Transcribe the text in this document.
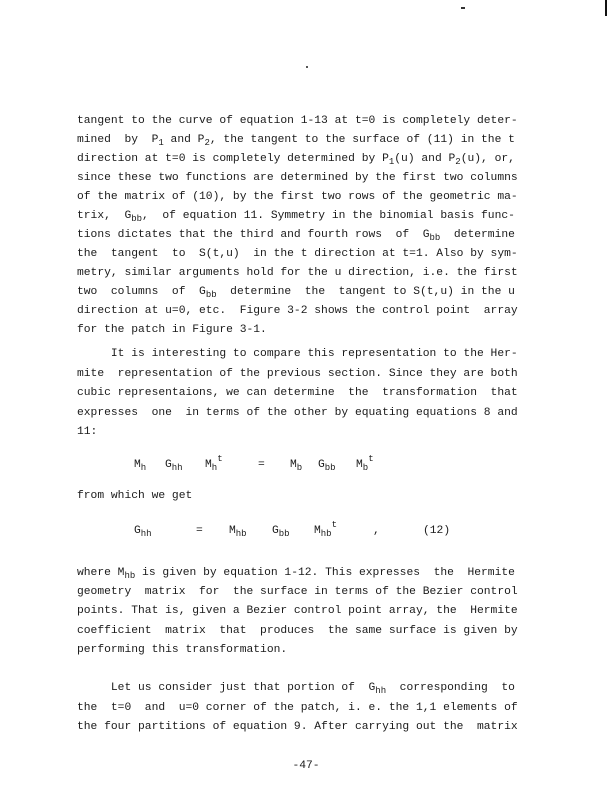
tangent to the curve of equation 1-13 at t=0 is completely deter-
mined  by  $P_1$ and $P_2$, the tangent to the surface of (11) in the t
direction at t=0 is completely determined by $P_1(u)$ and $P_2(u)$, or,
since these two functions are determined by the first two columns
of the matrix of (10), by the first two rows of the geometric ma-
trix,  $G_{bb}$,  of equation 11. Symmetry in the binomial basis func-
tions dictates that the third and fourth rows  of  $G_{bb}$  determine
the  tangent  to  S(t,u)  in the t direction at t=1. Also by sym-
metry, similar arguments hold for the u direction, i.e. the first
two  columns  of  $G_{bb}$  determine  the  tangent to S(t,u) in the u
direction at u=0, etc.  Figure 3-2 shows the control point  array
for the patch in Figure 3-1.
It is interesting to compare this representation to the Her-
mite  representation of the previous section. Since they are both
cubic representaions, we can determine  the  transformation  that
expresses  one  in terms of the other by equating equations 8 and
11:
$M_h$ $G_{hh}$ $M_h^t$	= $M_b$ $G_{bb}$ $M_b^t$
from which we get
$G_{hh}$	= $M_{hb}$ $G_{bb}$ $M_{hb}^t$	,	(12)
where $M_{hb}$ is given by equation 1-12. This expresses  the  Hermite
geometry  matrix  for  the surface in terms of the Bezier control
points. That is, given a Bezier control point array, the  Hermite
coefficient  matrix  that  produces  the same surface is given by
performing this transformation.
Let us consider just that portion of  $G_{hh}$  corresponding  to
the  t=0  and  u=0 corner of the patch, i. e. the 1,1 elements of
the four partitions of equation 9. After carrying out the  matrix
-47-
